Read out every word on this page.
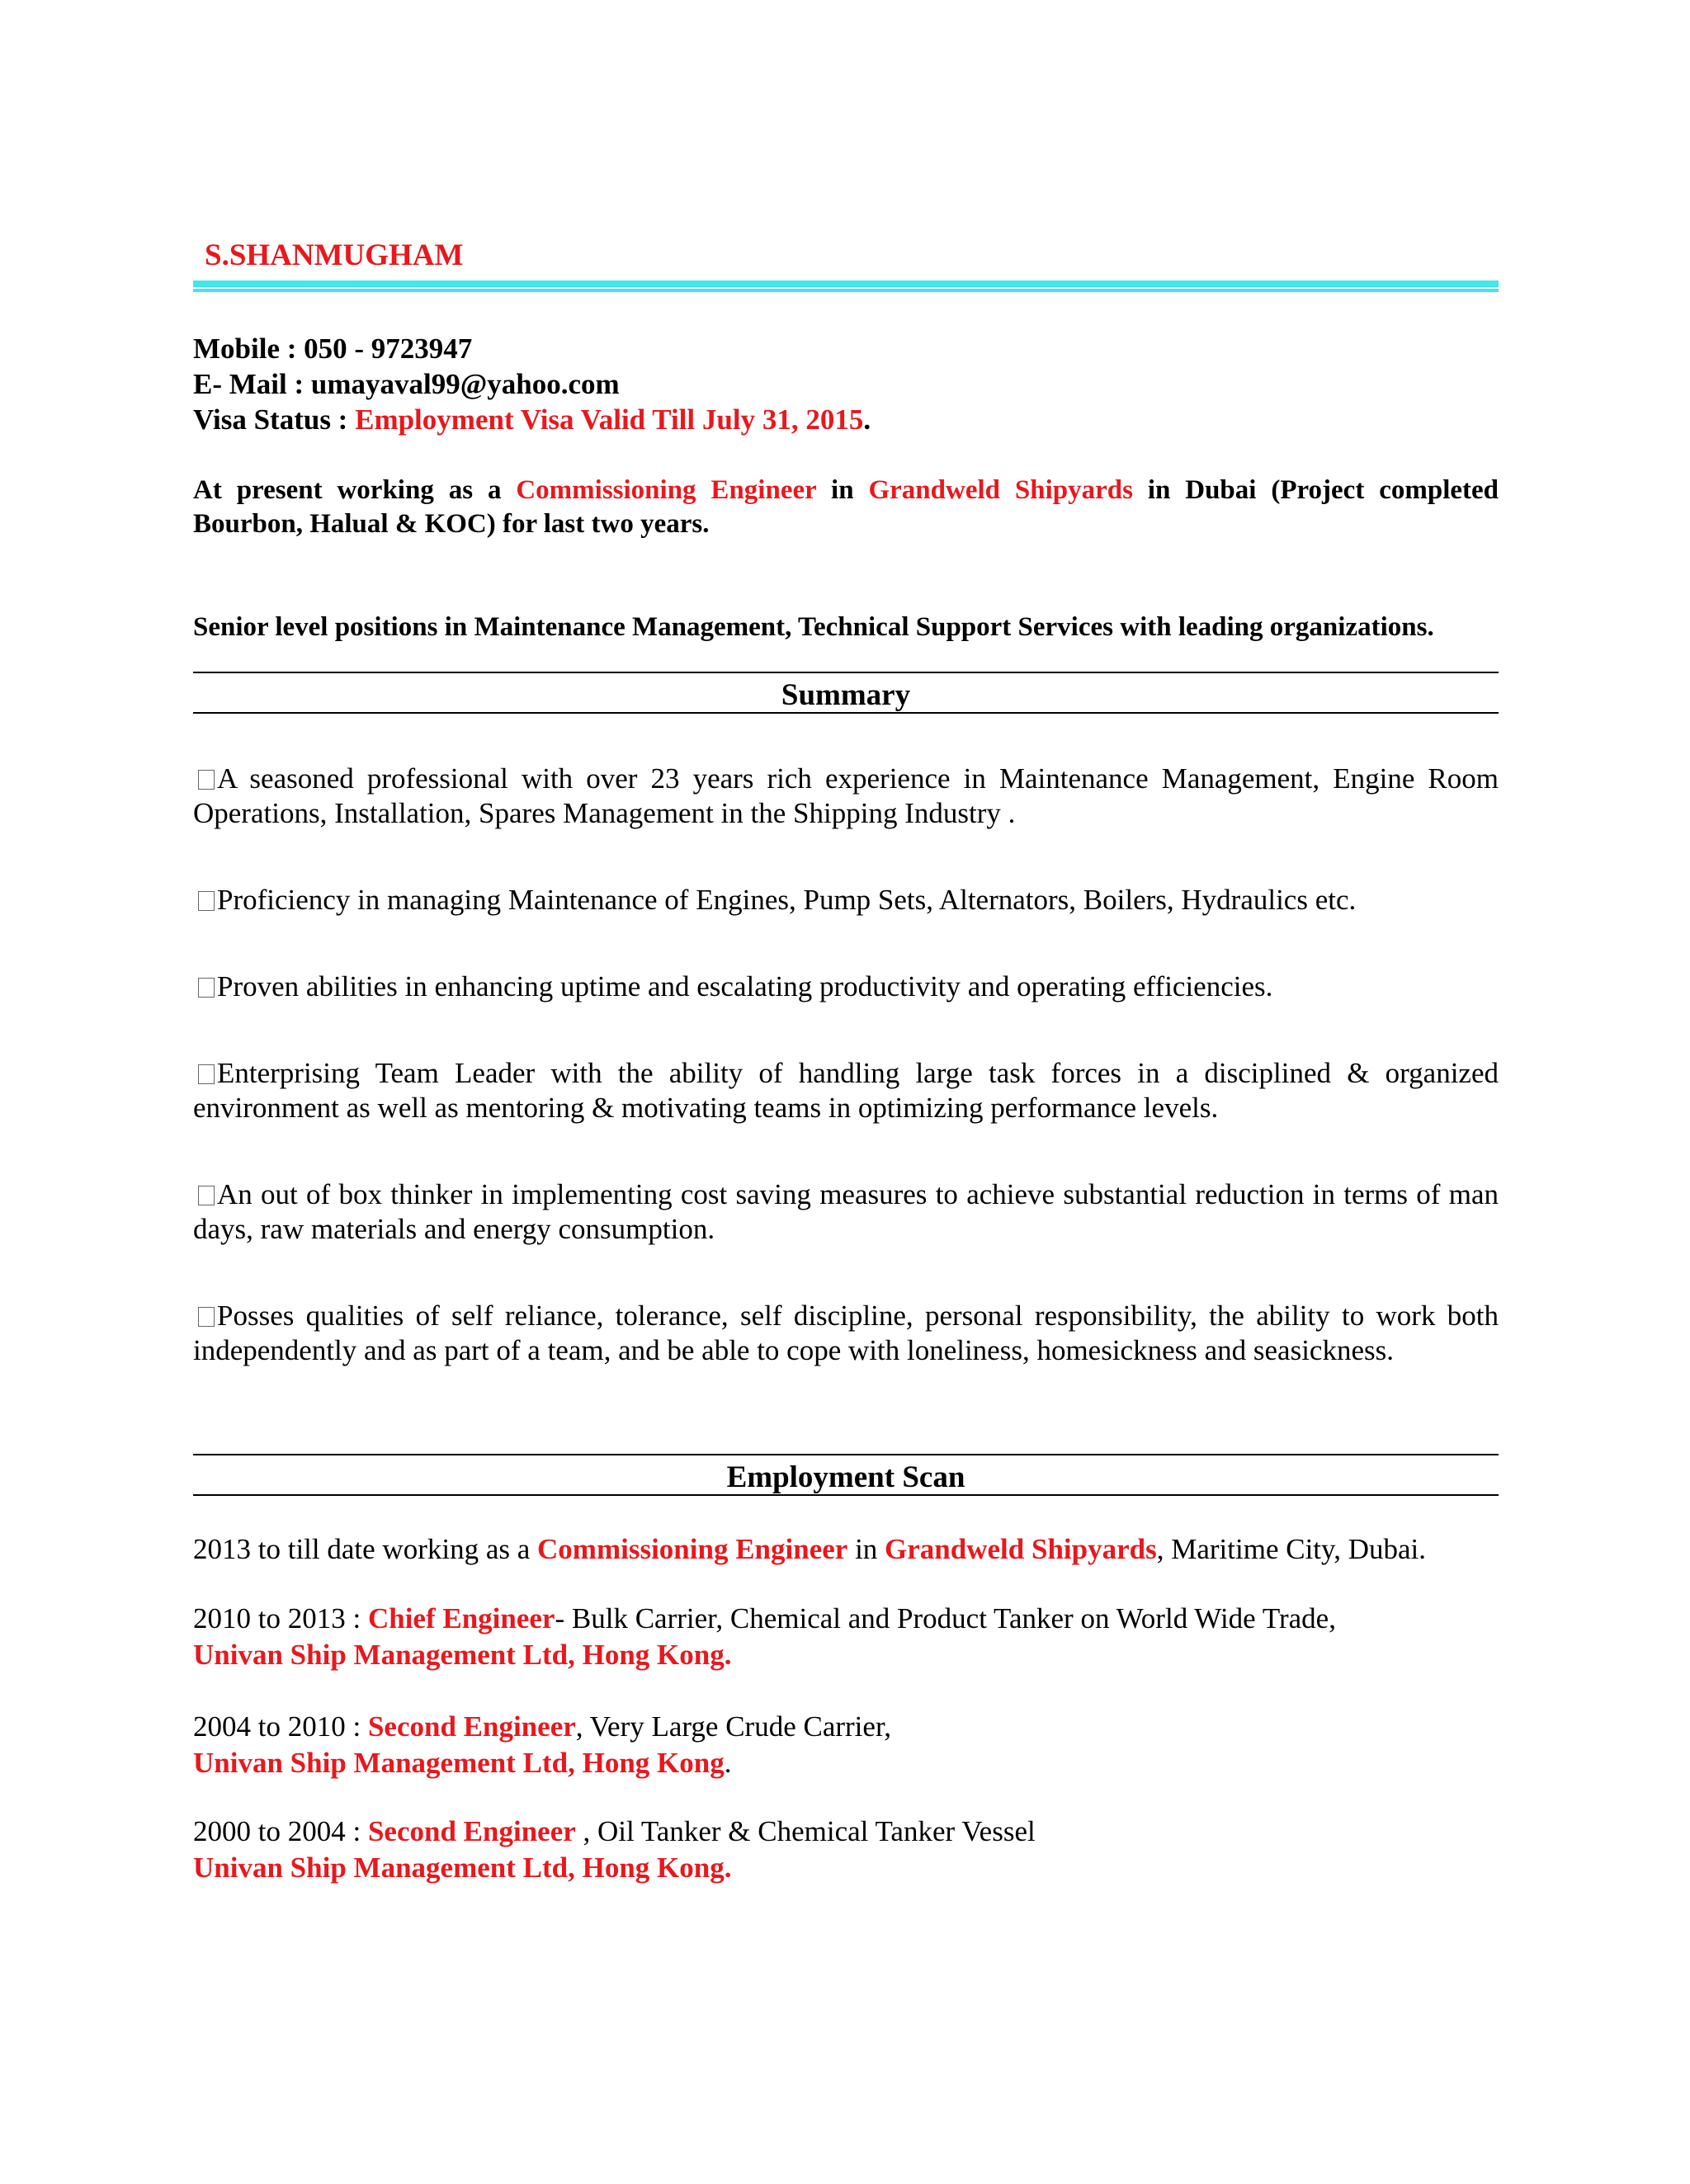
S.SHANMUGHAM
Mobile : 050 - 9723947
E- Mail : umayaval99@yahoo.com
Visa Status : Employment Visa Valid Till July 31, 2015.
At present working as a Commissioning Engineer in Grandweld Shipyards in Dubai (Project completed Bourbon, Halual & KOC) for last two years.
Senior level positions in Maintenance Management, Technical Support Services with leading organizations.
Summary
A seasoned professional with over 23 years rich experience in Maintenance Management, Engine Room Operations, Installation, Spares Management in the Shipping Industry .
Proficiency in managing Maintenance of Engines, Pump Sets, Alternators, Boilers, Hydraulics etc.
Proven abilities in enhancing uptime and escalating productivity and operating efficiencies.
Enterprising Team Leader with the ability of handling large task forces in a disciplined & organized environment as well as mentoring & motivating teams in optimizing performance levels.
An out of box thinker in implementing cost saving measures to achieve substantial reduction in terms of man days, raw materials and energy consumption.
Posses qualities of self reliance, tolerance, self discipline, personal responsibility, the ability to work both independently and as part of a team, and be able to cope with loneliness, homesickness and seasickness.
Employment Scan
2013 to till date working as a Commissioning Engineer in Grandweld Shipyards, Maritime City, Dubai.
2010 to 2013 : Chief Engineer- Bulk Carrier, Chemical and Product Tanker on World Wide Trade,
Univan Ship Management Ltd, Hong Kong.
2004 to 2010 : Second Engineer, Very Large Crude Carrier,
Univan Ship Management Ltd, Hong Kong.
2000 to 2004 : Second Engineer , Oil Tanker & Chemical Tanker Vessel
Univan Ship Management Ltd, Hong Kong.
